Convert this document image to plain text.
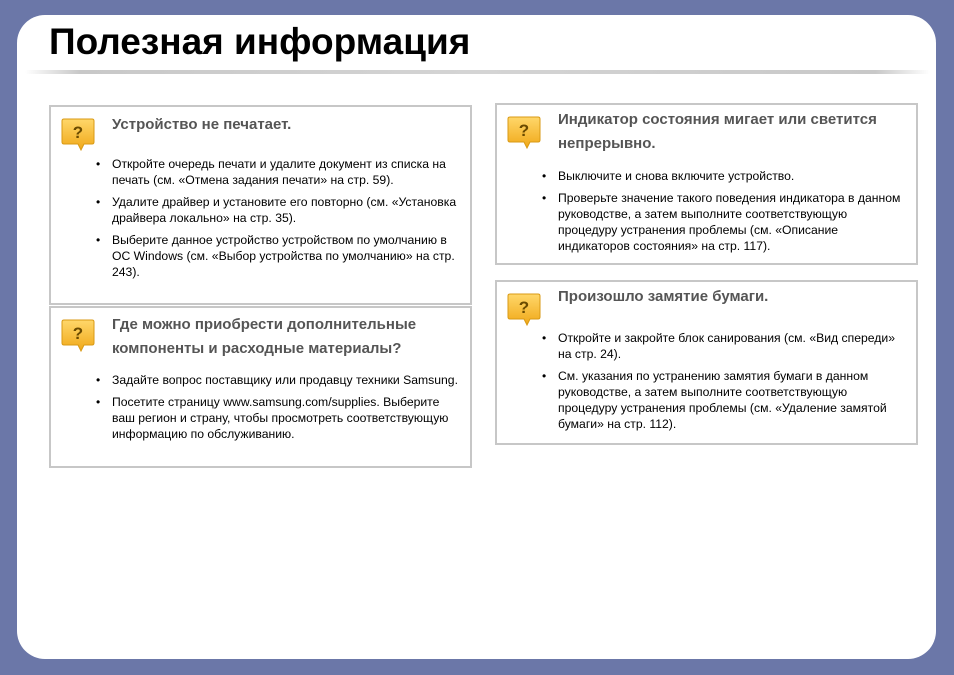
Полезная информация
? Устройство не печатает.
• Откройте очередь печати и удалите документ из списка на печать (см. «Отмена задания печати» на стр. 59).
• Удалите драйвер и установите его повторно (см. «Установка драйвера локально» на стр. 35).
• Выберите данное устройство устройством по умолчанию в ОС Windows (см. «Выбор устройства по умолчанию» на стр. 243).
? Где можно приобрести дополнительные компоненты и расходные материалы?
• Задайте вопрос поставщику или продавцу техники Samsung.
• Посетите страницу www.samsung.com/supplies. Выберите ваш регион и страну, чтобы просмотреть соответствующую информацию по обслуживанию.
?
Индикатор состояния мигает или светится непрерывно.
• Выключите и снова включите устройство.
• Проверьте значение такого поведения индикатора в данном руководстве, а затем выполните соответствующую процедуру устранения проблемы (см. «Описание индикаторов состояния» на стр. 117).
?
Произошло замятие бумаги.
• Откройте и закройте блок санирования (см. «Вид спереди» на стр. 24).
• См. указания по устранению замятия бумаги в данном руководстве, а затем выполните соответствующую процедуру устранения проблемы (см. «Удаление замятой бумаги» на стр. 112).
